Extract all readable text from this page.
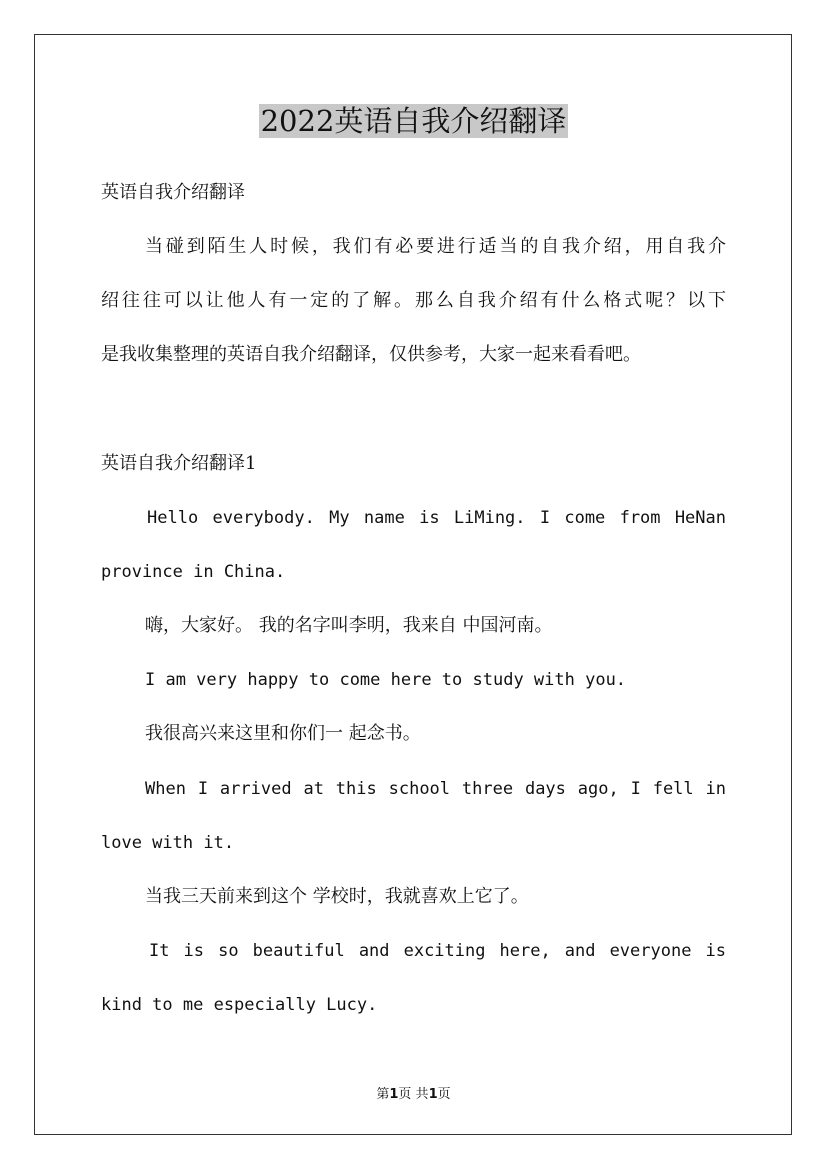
2022英语自我介绍翻译
英语自我介绍翻译
当碰到陌生人时候，我们有必要进行适当的自我介绍，用自我介
绍往往可以让他人有一定的了解。那么自我介绍有什么格式呢？以下
是我收集整理的英语自我介绍翻译，仅供参考，大家一起来看看吧。
英语自我介绍翻译1
Hello everybody. My name is LiMing. I come from HeNan
province in China.
嗨，大家好。 我的名字叫李明，我来自 中国河南。
I am very happy to come here to study with you.
我很高兴来这里和你们一 起念书。
When I arrived at this school three days ago, I fell in
love with it.
当我三天前来到这个 学校时，我就喜欢上它了。
It is so beautiful and exciting here, and everyone is
kind to me especially Lucy.
第1页 共1页
